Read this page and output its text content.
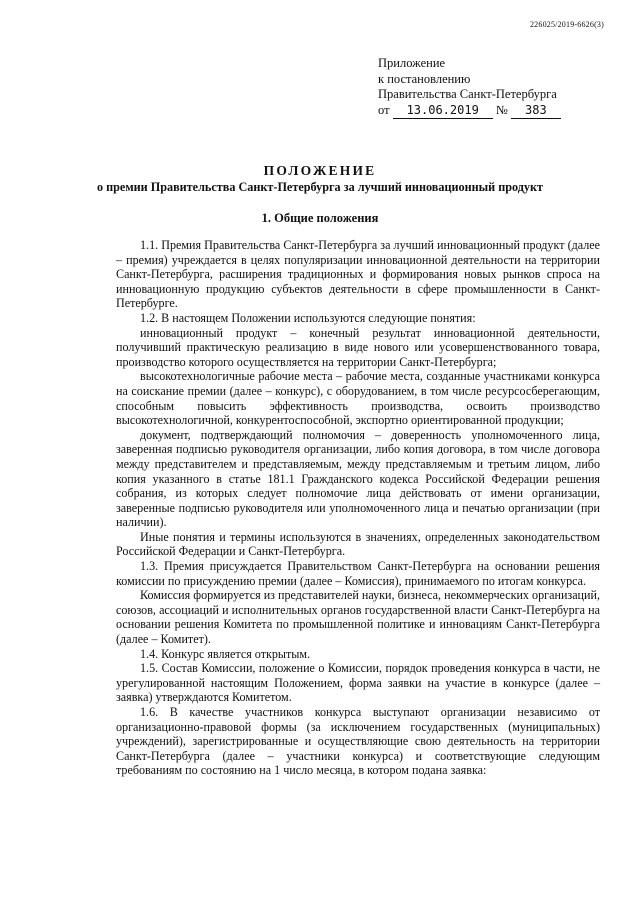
226025/2019-6626(3)
Приложение
к постановлению
Правительства Санкт-Петербурга
от 13.06.2019 № 383
ПОЛОЖЕНИЕ
о премии Правительства Санкт-Петербурга за лучший инновационный продукт
1. Общие положения

1.1. Премия Правительства Санкт-Петербурга за лучший инновационный продукт (далее – премия) учреждается в целях популяризации инновационной деятельности на территории Санкт-Петербурга, расширения традиционных и формирования новых рынков спроса на инновационную продукцию субъектов деятельности в сфере промышленности в Санкт-Петербурге.

1.2. В настоящем Положении используются следующие понятия:

инновационный продукт – конечный результат инновационной деятельности, получивший практическую реализацию в виде нового или усовершенствованного товара, производство которого осуществляется на территории Санкт-Петербурга;

высокотехнологичные рабочие места – рабочие места, созданные участниками конкурса на соискание премии (далее – конкурс), с оборудованием, в том числе ресурсосберегающим, способным повысить эффективность производства, освоить производство высокотехнологичной, конкурентоспособной, экспортно ориентированной продукции;

документ, подтверждающий полномочия – доверенность уполномоченного лица, заверенная подписью руководителя организации, либо копия договора, в том числе договора между представителем и представляемым, между представляемым и третьим лицом, либо копия указанного в статье 181.1 Гражданского кодекса Российской Федерации решения собрания, из которых следует полномочие лица действовать от имени организации, заверенные подписью руководителя или уполномоченного лица и печатью организации (при наличии).

Иные понятия и термины используются в значениях, определенных законодательством Российской Федерации и Санкт-Петербурга.

1.3. Премия присуждается Правительством Санкт-Петербурга на основании решения комиссии по присуждению премии (далее – Комиссия), принимаемого по итогам конкурса.

Комиссия формируется из представителей науки, бизнеса, некоммерческих организаций, союзов, ассоциаций и исполнительных органов государственной власти Санкт-Петербурга на основании решения Комитета по промышленной политике и инновациям Санкт-Петербурга (далее – Комитет).

1.4. Конкурс является открытым.

1.5. Состав Комиссии, положение о Комиссии, порядок проведения конкурса в части, не урегулированной настоящим Положением, форма заявки на участие в конкурсе (далее – заявка) утверждаются Комитетом.

1.6. В качестве участников конкурса выступают организации независимо от организационно-правовой формы (за исключением государственных (муниципальных) учреждений), зарегистрированные и осуществляющие свою деятельность на территории Санкт-Петербурга (далее – участники конкурса) и соответствующие следующим требованиям по состоянию на 1 число месяца, в котором подана заявка:
